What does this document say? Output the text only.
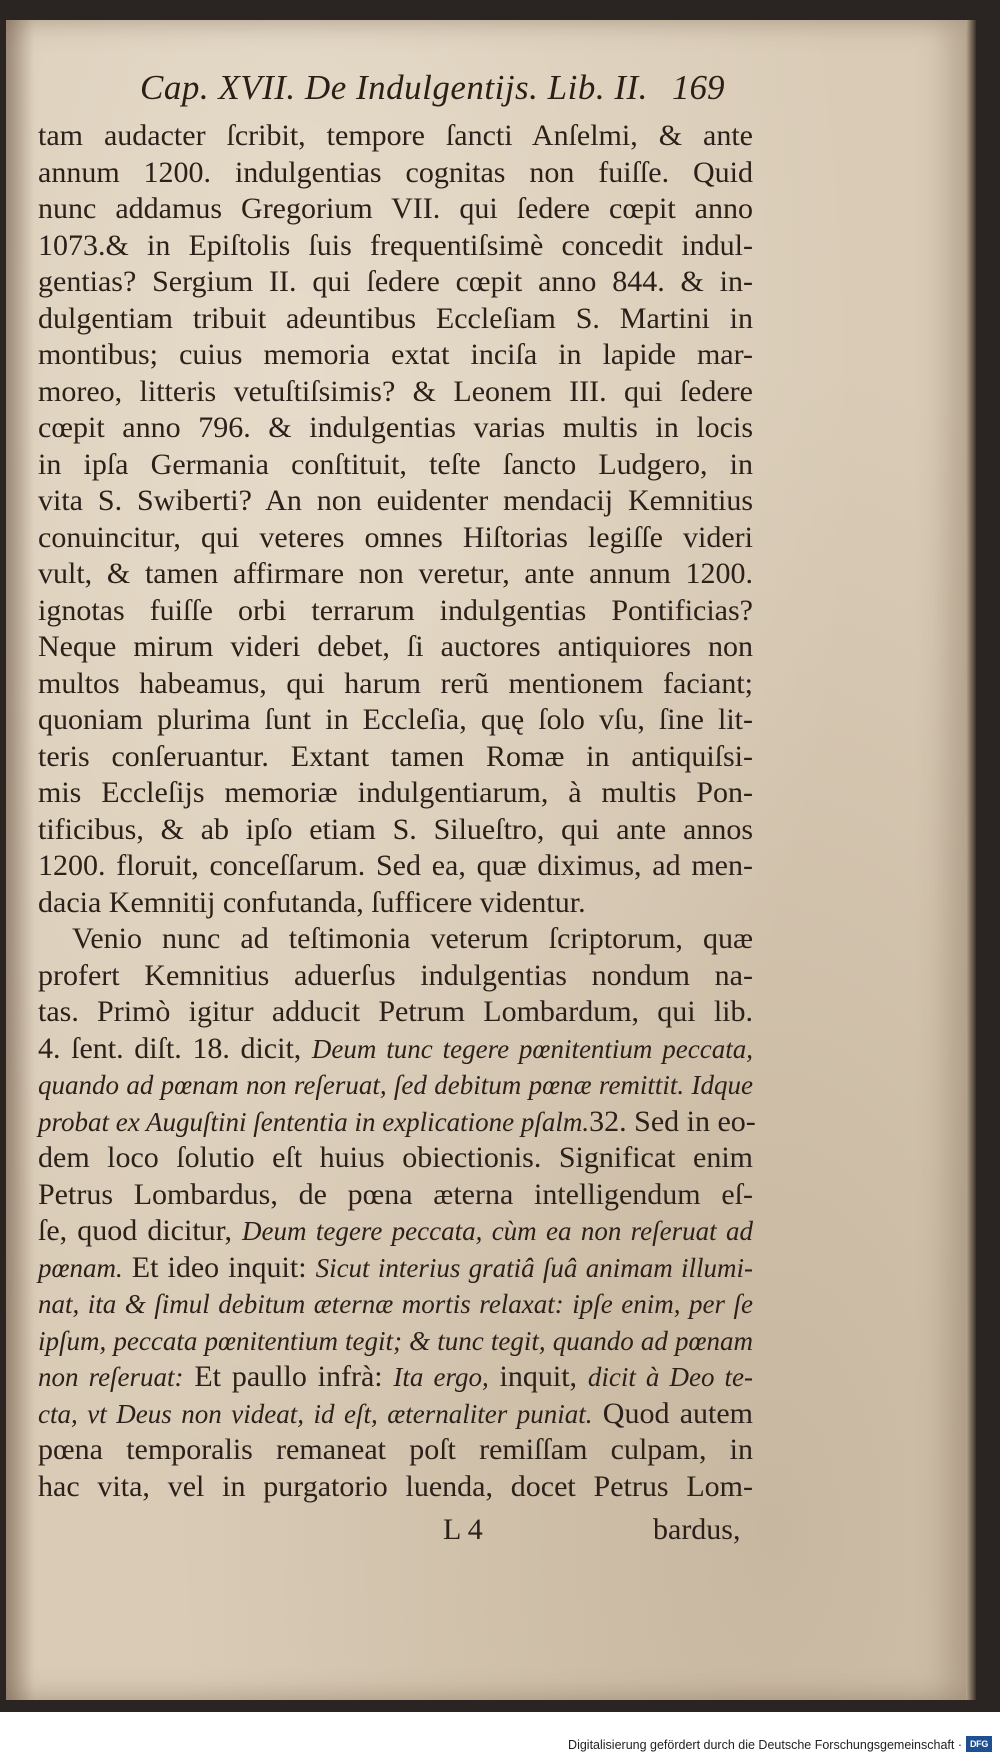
Cap. XVII. De Indulgentijs. Lib. II. 169
tam audacter ſcribit, tempore ſancti Anſelmi, & ante
annum 1200. indulgentias cognitas non fuiſſe. Quid
nunc addamus Gregorium VII. qui ſedere cœpit anno
1073.& in Epiſtolis ſuis frequentiſsimè concedit indul-
gentias? Sergium II. qui ſedere cœpit anno 844. & in-
dulgentiam tribuit adeuntibus Eccleſiam S. Martini in
montibus; cuius memoria extat inciſa in lapide mar-
moreo, litteris vetuſtiſsimis? & Leonem III. qui ſedere
cœpit anno 796. & indulgentias varias multis in locis
in ipſa Germania conſtituit, teſte ſancto Ludgero, in
vita S. Swiberti? An non euidenter mendacij Kemnitius
conuincitur, qui veteres omnes Hiſtorias legiſſe videri
vult, & tamen affirmare non veretur, ante annum 1200.
ignotas fuiſſe orbi terrarum indulgentias Pontificias?
Neque mirum videri debet, ſi auctores antiquiores non
multos habeamus, qui harum rerũ mentionem faciant;
quoniam plurima ſunt in Eccleſia, quę ſolo vſu, ſine lit-
teris conſeruantur. Extant tamen Romæ in antiquiſsi-
mis Eccleſijs memoriæ indulgentiarum, à multis Pon-
tificibus, & ab ipſo etiam S. Silueſtro, qui ante annos
1200. floruit, conceſſarum. Sed ea, quæ diximus, ad men-
dacia Kemnitij confutanda, ſufficere videntur.
Venio nunc ad teſtimonia veterum ſcriptorum, quæ
profert Kemnitius aduerſus indulgentias nondum na-
tas. Primò igitur adducit Petrum Lombardum, qui lib.
4. ſent. diſt. 18. dicit, Deum tunc tegere pœnitentium peccata,
quando ad pœnam non reſeruat, ſed debitum pœnæ remittit. Idque
probat ex Auguſtini ſententia in explicatione pſalm.32. Sed in eo-
dem loco ſolutio eſt huius obiectionis. Significat enim
Petrus Lombardus, de pœna æterna intelligendum eſ-
ſe, quod dicitur, Deum tegere peccata, cùm ea non reſeruat ad
pœnam. Et ideo inquit: Sicut interius gratiâ ſuâ animam illumi-
nat, ita & ſimul debitum æternæ mortis relaxat: ipſe enim, per ſe
ipſum, peccata pœnitentium tegit; & tunc tegit, quando ad pœnam
non reſeruat: Et paullo infrà: Ita ergo, inquit, dicit à Deo te-
cta, vt Deus non videat, id eſt, æternaliter puniat. Quod autem
pœna temporalis remaneat poſt remiſſam culpam, in
hac vita, vel in purgatorio luenda, docet Petrus Lom-
L 4	bardus,
Digitalisierung gefördert durch die Deutsche Forschungsgemeinschaft · DFG
